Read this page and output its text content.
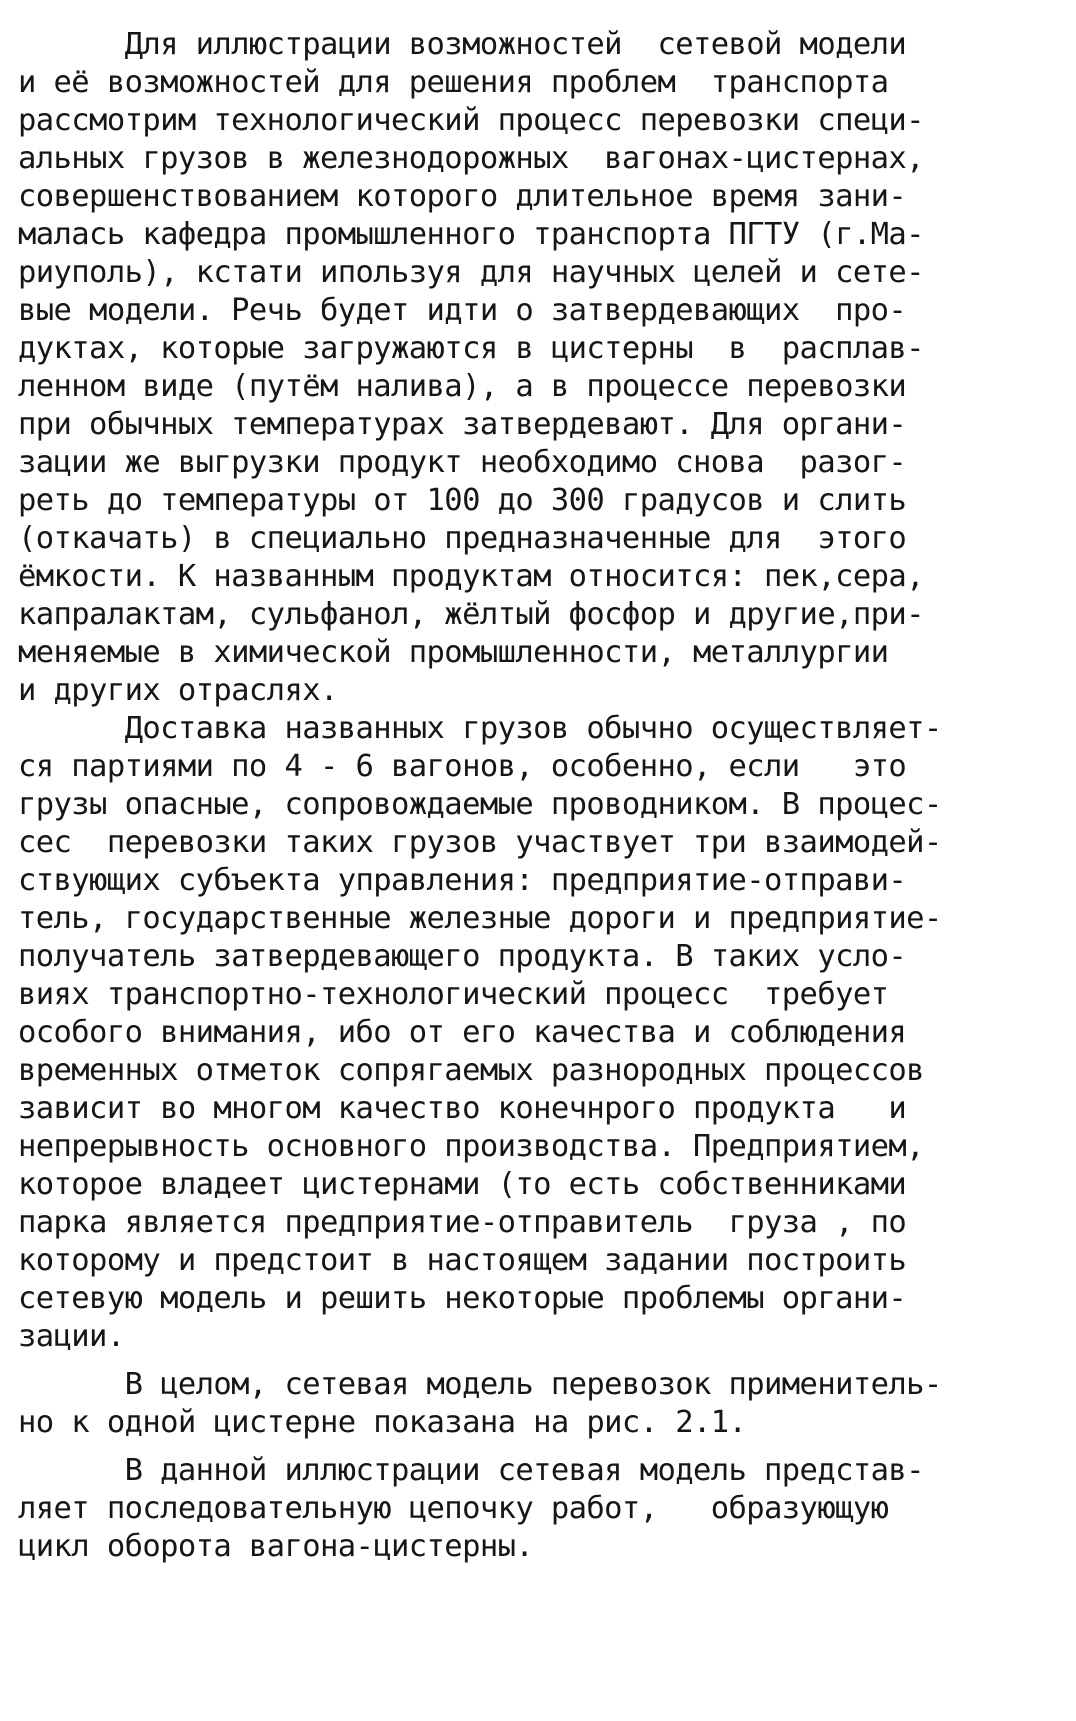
Для иллюстрации возможностей  сетевой модели
и её возможностей для решения проблем  транспорта
рассмотрим технологический процесс перевозки специ-
альных грузов в железнодорожных  вагонах-цистернах,
совершенствованием которого длительное время зани-
малась кафедра промышленного транспорта ПГТУ (г.Ма-
риуполь), кстати ипользуя для научных целей и сете-
вые модели. Речь будет идти о затвердевающих  про-
дуктах, которые загружаются в цистерны  в  расплав-
ленном виде (путём налива), а в процессе перевозки
при обычных температурах затвердевают. Для органи-
зации же выгрузки продукт необходимо снова  разог-
реть до температуры от 100 до 300 градусов и слить
(откачать) в специально предназначенные для  этого
ёмкости. К названным продуктам относится: пек,сера,
капралактам, сульфанол, жёлтый фосфор и другие,при-
меняемые в химической промышленности, металлургии
и других отраслях.
Доставка названных грузов обычно осуществляет-
ся партиями по 4 - 6 вагонов, особенно, если   это
грузы опасные, сопровождаемые проводником. В процес-
сес  перевозки таких грузов участвует три взаимодей-
ствующих субъекта управления: предприятие-отправи-
тель, государственные железные дороги и предприятие-
получатель затвердевающего продукта. В таких усло-
виях транспортно-технологический процесс  требует
особого внимания, ибо от его качества и соблюдения
временных отметок сопрягаемых разнородных процессов
зависит во многом качество конечнрого продукта   и
непрерывность основного производства. Предприятием,
которое владеет цистернами (то есть собственниками
парка является предприятие-отправитель  груза , по
которому и предстоит в настоящем задании построить
сетевую модель и решить некоторые проблемы органи-
зации.
В целом, сетевая модель перевозок применитель-
но к одной цистерне показана на рис. 2.1.
В данной иллюстрации сетевая модель представ-
ляет последовательную цепочку работ,   образующую
цикл оборота вагона-цистерны.
